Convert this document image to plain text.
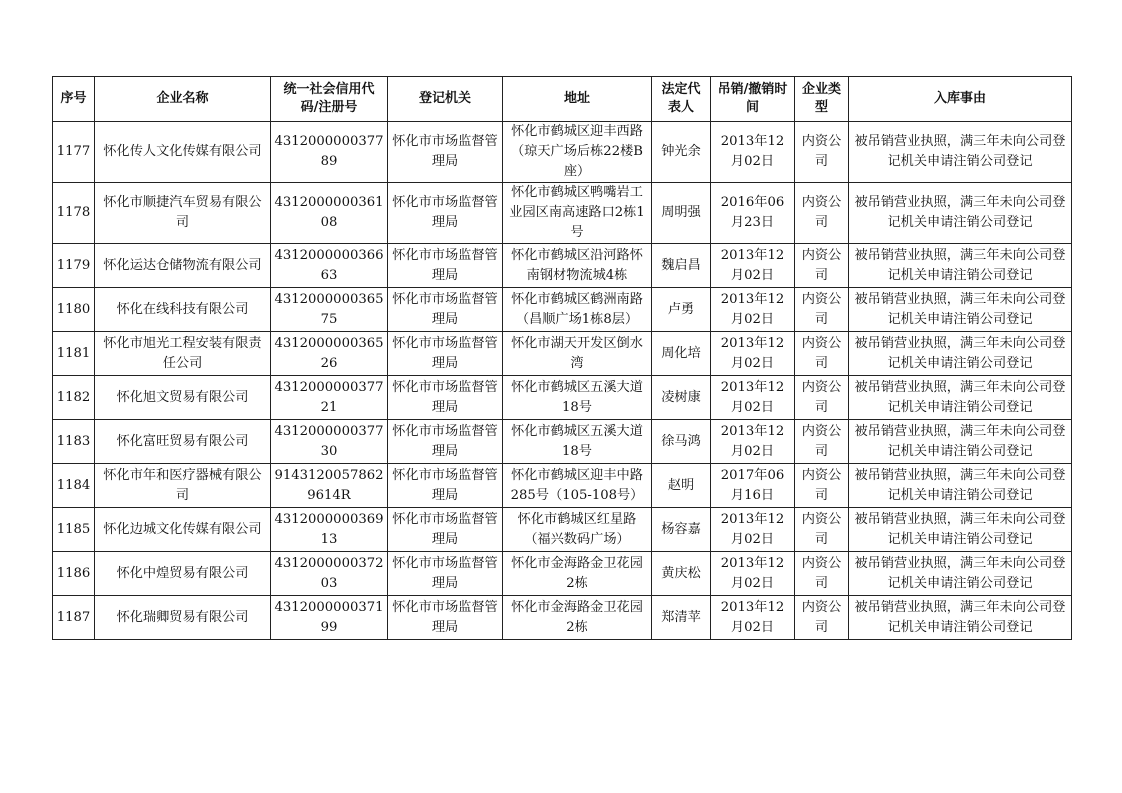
序号	企业名称	统一社会信用代码/注册号	登记机关	地址	法定代表人	吊销/撤销时间	企业类型	入库事由
1177	怀化传人文化传媒有限公司	431200000037789	怀化市市场监督管理局	怀化市鹤城区迎丰西路（琼天广场后栋22楼B座）	钟光余	2013年12月02日	内资公司	被吊销营业执照，满三年未向公司登记机关申请注销公司登记
1178	怀化市顺捷汽车贸易有限公司	431200000036108	怀化市市场监督管理局	怀化市鹤城区鸭嘴岩工业园区南高速路口2栋1号	周明强	2016年06月23日	内资公司	被吊销营业执照，满三年未向公司登记机关申请注销公司登记
1179	怀化运达仓储物流有限公司	431200000036663	怀化市市场监督管理局	怀化市鹤城区沿河路怀南钢材物流城4栋	魏启昌	2013年12月02日	内资公司	被吊销营业执照，满三年未向公司登记机关申请注销公司登记
1180	怀化在线科技有限公司	431200000036575	怀化市市场监督管理局	怀化市鹤城区鹤洲南路（昌顺广场1栋8层）	卢勇	2013年12月02日	内资公司	被吊销营业执照，满三年未向公司登记机关申请注销公司登记
1181	怀化市旭光工程安装有限责任公司	431200000036526	怀化市市场监督管理局	怀化市湖天开发区倒水湾	周化培	2013年12月02日	内资公司	被吊销营业执照，满三年未向公司登记机关申请注销公司登记
1182	怀化旭文贸易有限公司	431200000037721	怀化市市场监督管理局	怀化市鹤城区五溪大道18号	凌树康	2013年12月02日	内资公司	被吊销营业执照，满三年未向公司登记机关申请注销公司登记
1183	怀化富旺贸易有限公司	431200000037730	怀化市市场监督管理局	怀化市鹤城区五溪大道18号	徐马鸿	2013年12月02日	内资公司	被吊销营业执照，满三年未向公司登记机关申请注销公司登记
1184	怀化市年和医疗器械有限公司	91431200578629614R	怀化市市场监督管理局	怀化市鹤城区迎丰中路285号（105-108号）	赵明	2017年06月16日	内资公司	被吊销营业执照，满三年未向公司登记机关申请注销公司登记
1185	怀化边城文化传媒有限公司	431200000036913	怀化市市场监督管理局	怀化市鹤城区红星路（福兴数码广场）	杨容嘉	2013年12月02日	内资公司	被吊销营业执照，满三年未向公司登记机关申请注销公司登记
1186	怀化中煌贸易有限公司	431200000037203	怀化市市场监督管理局	怀化市金海路金卫花园2栋	黄庆松	2013年12月02日	内资公司	被吊销营业执照，满三年未向公司登记机关申请注销公司登记
1187	怀化瑞卿贸易有限公司	431200000037199	怀化市市场监督管理局	怀化市金海路金卫花园2栋	郑清苹	2013年12月02日	内资公司	被吊销营业执照，满三年未向公司登记机关申请注销公司登记
